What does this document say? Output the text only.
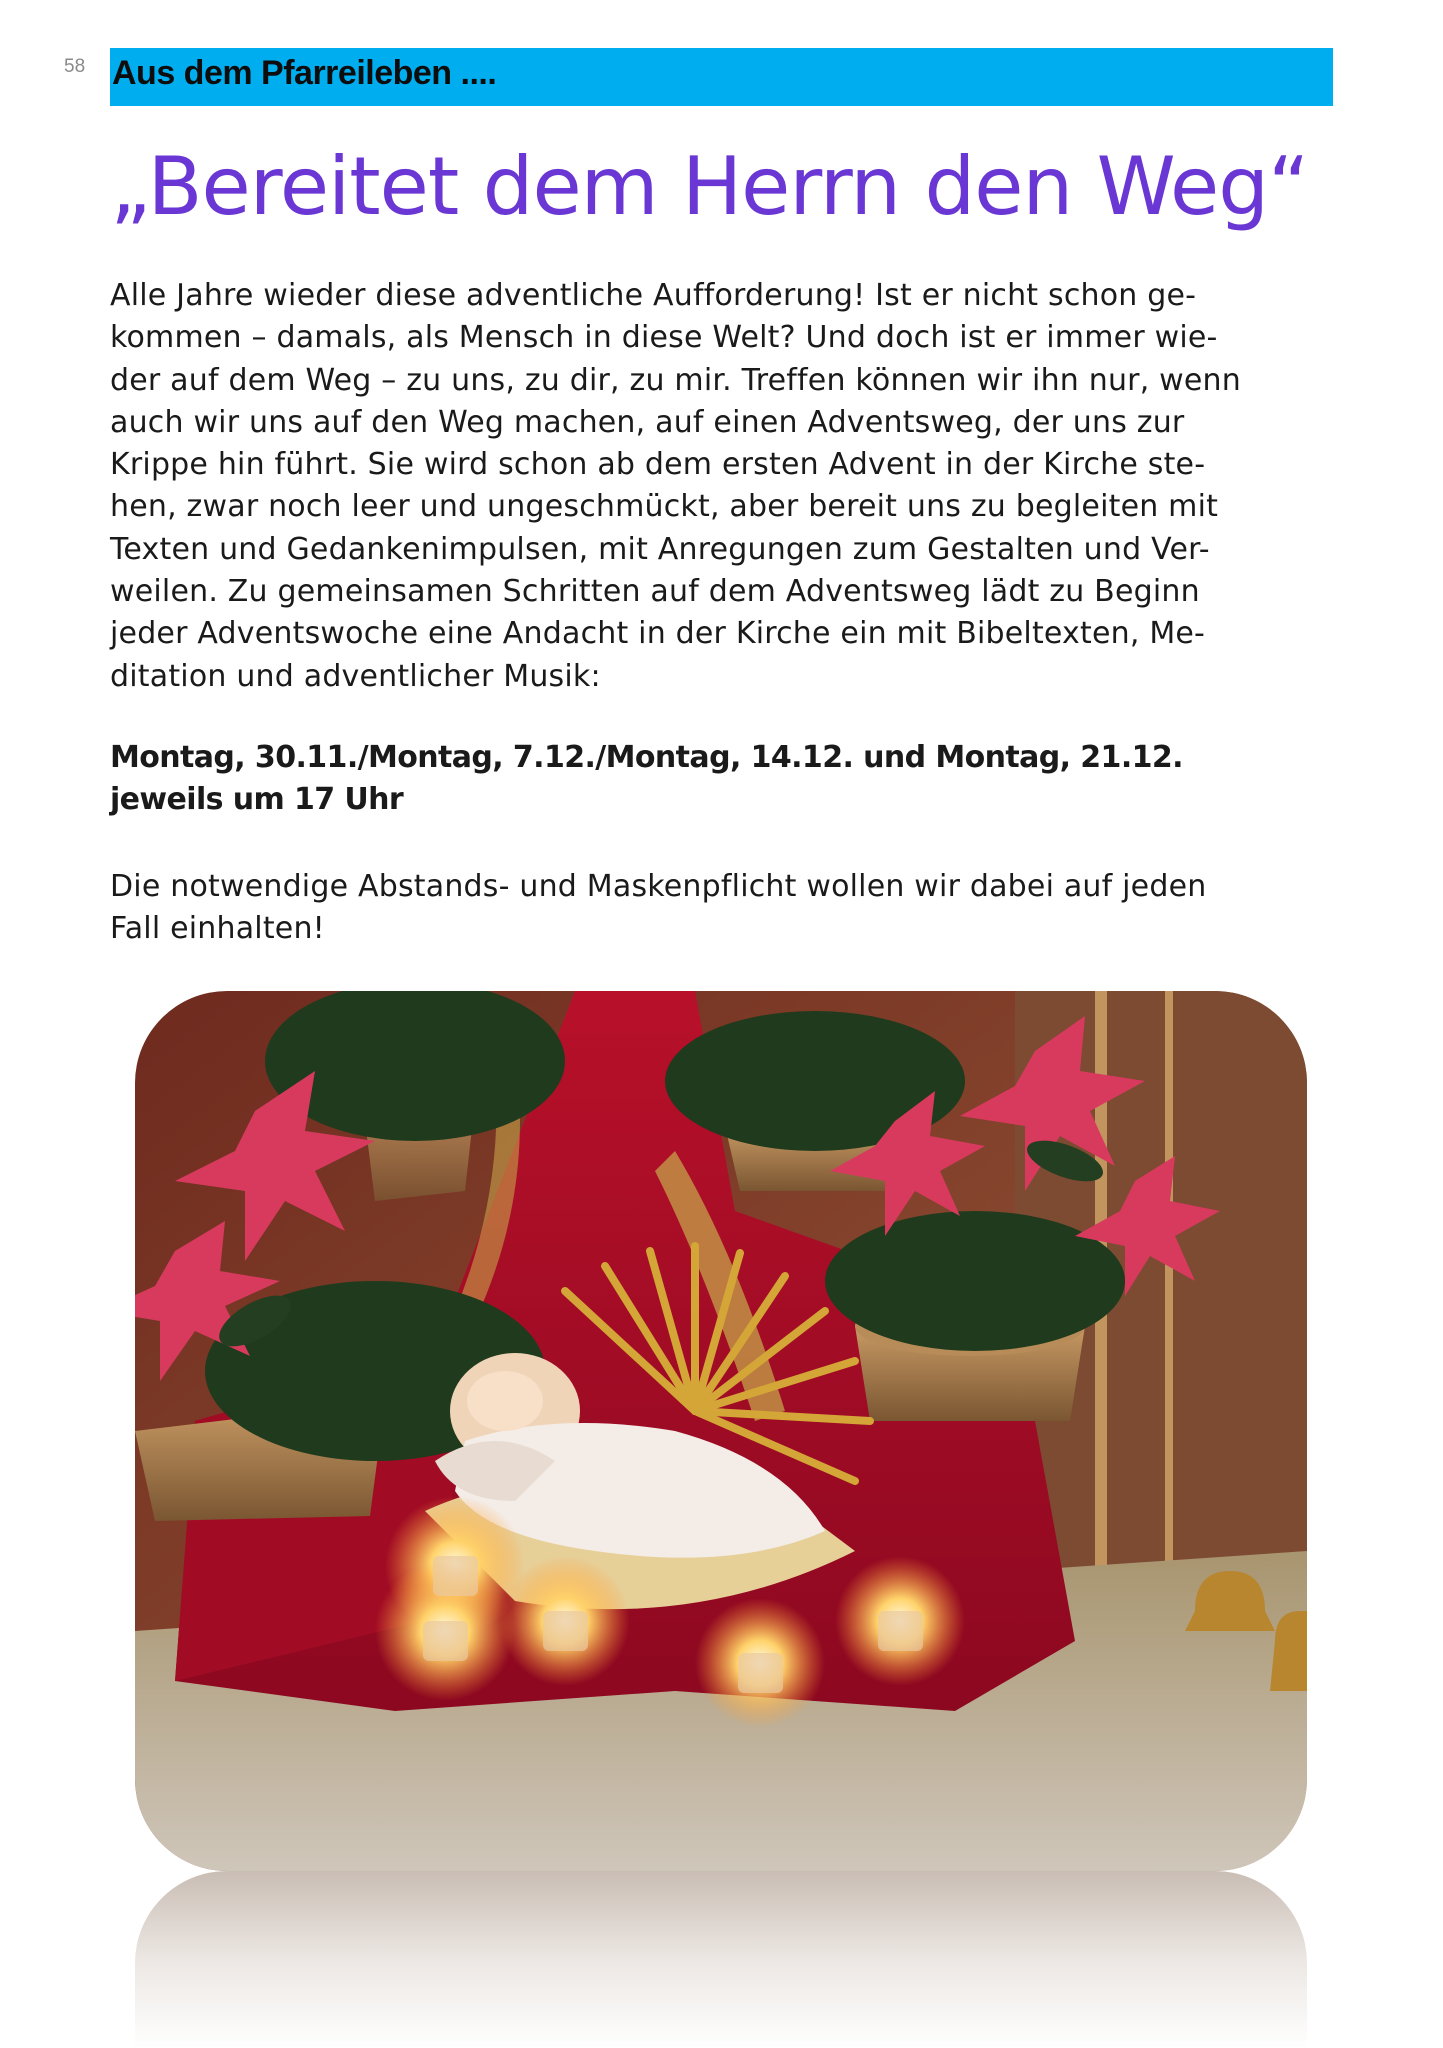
58 Aus dem Pfarreileben ....
„Bereitet dem Herrn den Weg“

Alle Jahre wieder diese adventliche Aufforderung! Ist er nicht schon ge-

kommen – damals, als Mensch in diese Welt? Und doch ist er immer wie-

der auf dem Weg – zu uns, zu dir, zu mir. Treffen können wir ihn nur, wenn

auch wir uns auf den Weg machen, auf einen Adventsweg, der uns zur

Krippe hin führt. Sie wird schon ab dem ersten Advent in der Kirche ste-

hen, zwar noch leer und ungeschmückt, aber bereit uns zu begleiten mit

Texten und Gedankenimpulsen, mit Anregungen zum Gestalten und Ver-

weilen. Zu gemeinsamen Schritten auf dem Adventsweg lädt zu Beginn

jeder Adventswoche eine Andacht in der Kirche ein mit Bibeltexten, Me-

ditation und adventlicher Musik:

Montag, 30.11./Montag, 7.12./Montag, 14.12. und Montag, 21.12.

jeweils um 17 Uhr

Die notwendige Abstands- und Maskenpflicht wollen wir dabei auf jeden

Fall einhalten!
